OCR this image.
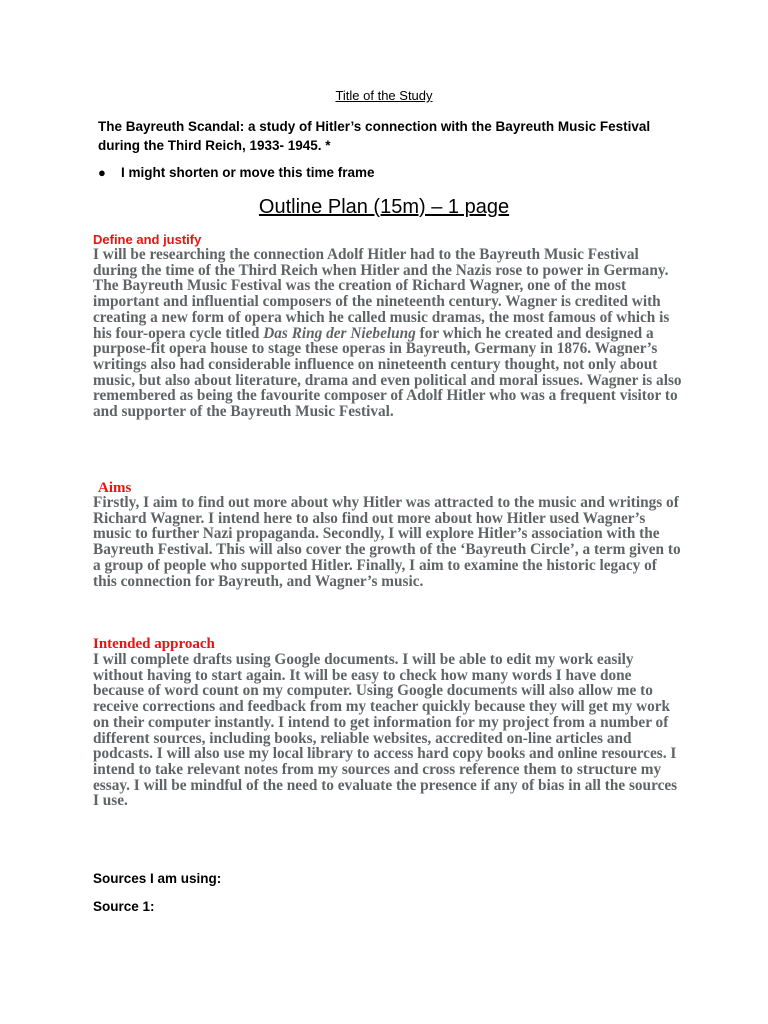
Title of the Study

The Bayreuth Scandal: a study of Hitler’s connection with the Bayreuth Music Festival during the Third Reich, 1933- 1945. *

●	I might shorten or move this time frame

Outline Plan (15m) – 1 page

Define and justify

I will be researching the connection Adolf Hitler had to the Bayreuth Music Festival during the time of the Third Reich when Hitler and the Nazis rose to power in Germany. The Bayreuth Music Festival was the creation of Richard Wagner, one of the most important and influential composers of the nineteenth century. Wagner is credited with creating a new form of opera which he called music dramas, the most famous of which is his four-opera cycle titled Das Ring der Niebelung for which he created and designed a purpose-fit opera house to stage these operas in Bayreuth, Germany in 1876. Wagner’s writings also had considerable influence on nineteenth century thought, not only about music, but also about literature, drama and even political and moral issues. Wagner is also remembered as being the favourite composer of Adolf Hitler who was a frequent visitor to and supporter of the Bayreuth Music Festival.

Aims

Firstly, I aim to find out more about why Hitler was attracted to the music and writings of Richard Wagner. I intend here to also find out more about how Hitler used Wagner’s music to further Nazi propaganda. Secondly, I will explore Hitler’s association with the Bayreuth Festival. This will also cover the growth of the ‘Bayreuth Circle’, a term given to a group of people who supported Hitler. Finally, I aim to examine the historic legacy of this connection for Bayreuth, and Wagner’s music.

Intended approach

I will complete drafts using Google documents. I will be able to edit my work easily without having to start again. It will be easy to check how many words I have done because of word count on my computer. Using Google documents will also allow me to receive corrections and feedback from my teacher quickly because they will get my work on their computer instantly. I intend to get information for my project from a number of different sources, including books, reliable websites, accredited on-line articles and podcasts. I will also use my local library to access hard copy books and online resources. I intend to take relevant notes from my sources and cross reference them to structure my essay. I will be mindful of the need to evaluate the presence if any of bias in all the sources I use.

Sources I am using:

Source 1:
